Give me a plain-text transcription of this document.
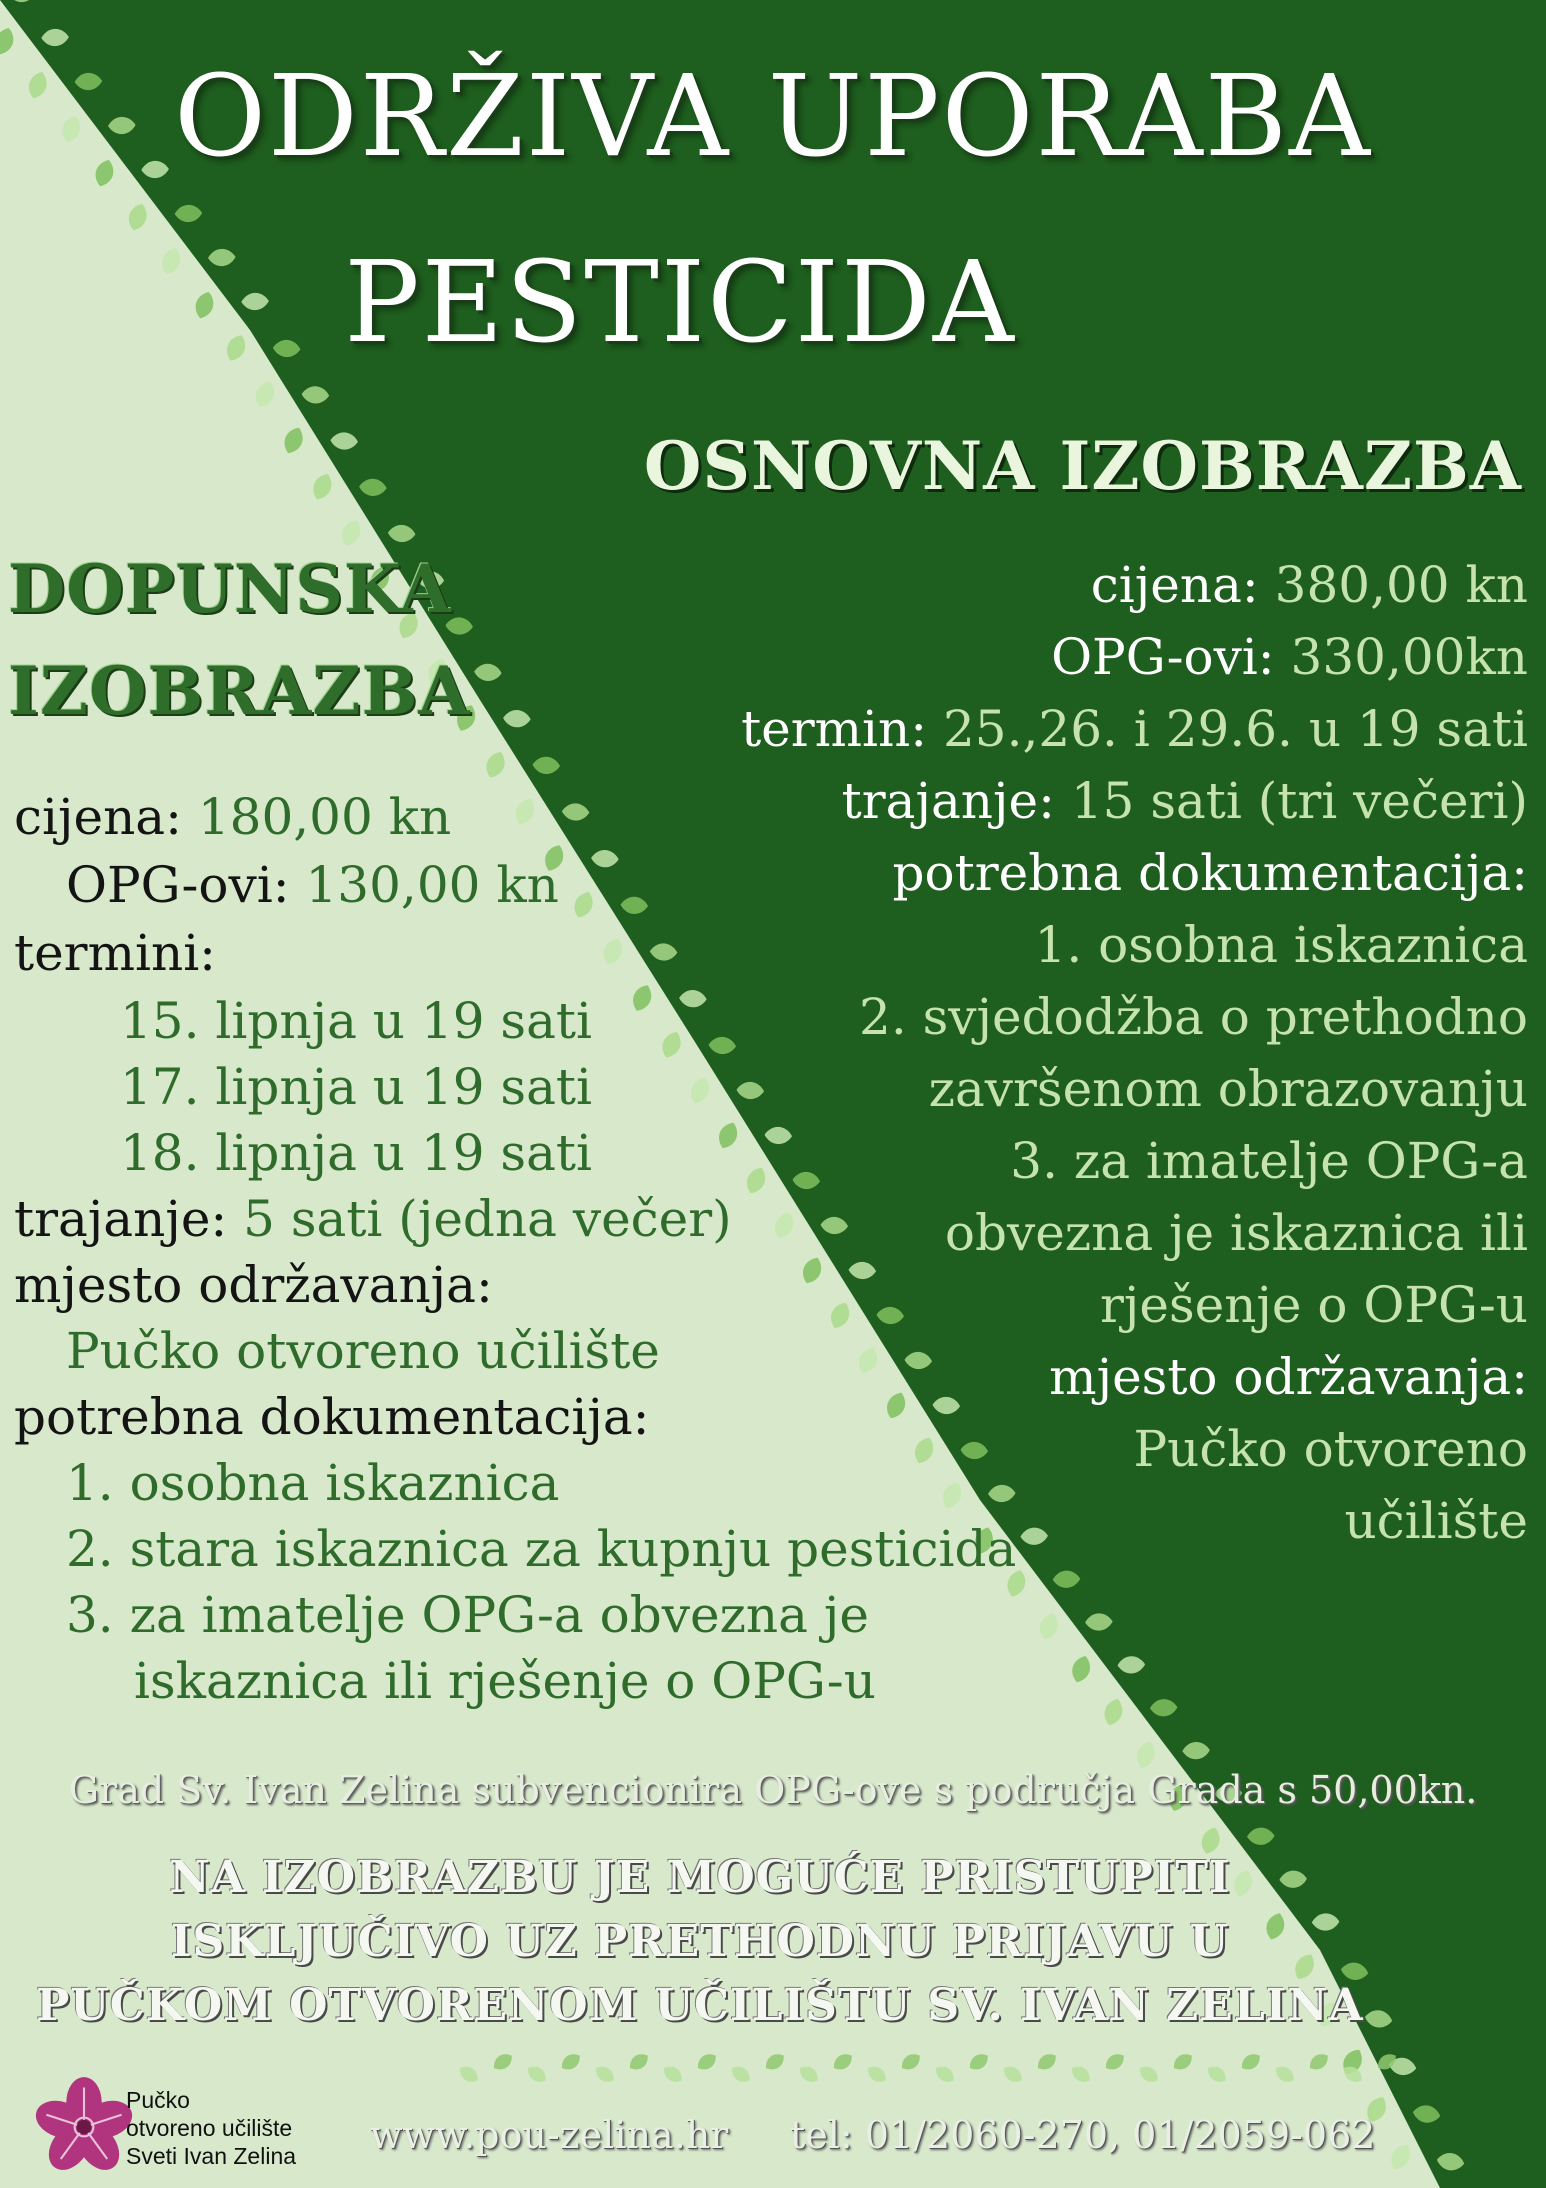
ODRŽIVA UPORABA
PESTICIDA
OSNOVNA IZOBRAZBA
cijena: 380,00 kn
OPG-ovi: 330,00kn
termin: 25.,26. i 29.6. u 19 sati
trajanje: 15 sati (tri večeri)
potrebna dokumentacija:
1. osobna iskaznica
2. svjedodžba o prethodno
završenom obrazovanju
3. za imatelje OPG-a
obvezna je iskaznica ili
rješenje o OPG-u
mjesto održavanja:
Pučko otvoreno
učilište
DOPUNSKA
IZOBRAZBA
cijena: 180,00 kn
OPG-ovi: 130,00 kn
termini:
15. lipnja u 19 sati
17. lipnja u 19 sati
18. lipnja u 19 sati
trajanje: 5 sati (jedna večer)
mjesto održavanja:
Pučko otvoreno učilište
potrebna dokumentacija:
1. osobna iskaznica
2. stara iskaznica za kupnju pesticida
3. za imatelje OPG-a obvezna je
iskaznica ili rješenje o OPG-u
Grad Sv. Ivan Zelina subvencionira OPG-ove s područja Grada s 50,00kn.
NA IZOBRAZBU JE MOGUĆE PRISTUPITI
ISKLJUČIVO UZ PRETHODNU PRIJAVU U
PUČKOM OTVORENOM UČILIŠTU SV. IVAN ZELINA
Pučko
otvoreno učilište
Sveti Ivan Zelina www.pou-zelina.hr tel: 01/2060-270, 01/2059-062
